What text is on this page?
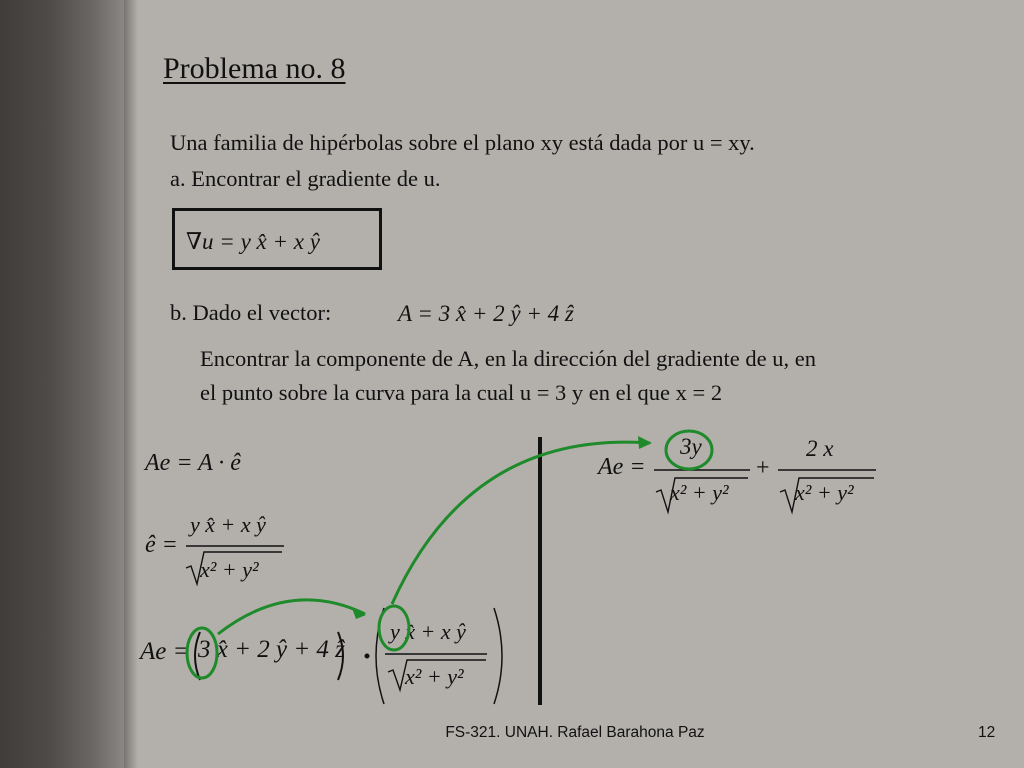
Problema no. 8
Una familia de hipérbolas sobre el plano xy está dada por u = xy.
a. Encontrar el gradiente de u.
∇u = y x̂ + x ŷ
b. Dado el vector:	A = 3 x̂ + 2 ŷ + 4 ẑ
Encontrar la componente de A, en la dirección del gradiente de u, en
el punto sobre la curva para la cual u = 3 y en el que x = 2
Ae = A · ê
ê =
y x̂ + x ŷ
x² + y²
Ae = 3 x̂ + 2 ŷ + 4 ẑ
y x̂ + x ŷ
x² + y²
Ae =
3y
x² + y²
+
2 x
x² + y²
FS-321. UNAH. Rafael Barahona Paz	12
